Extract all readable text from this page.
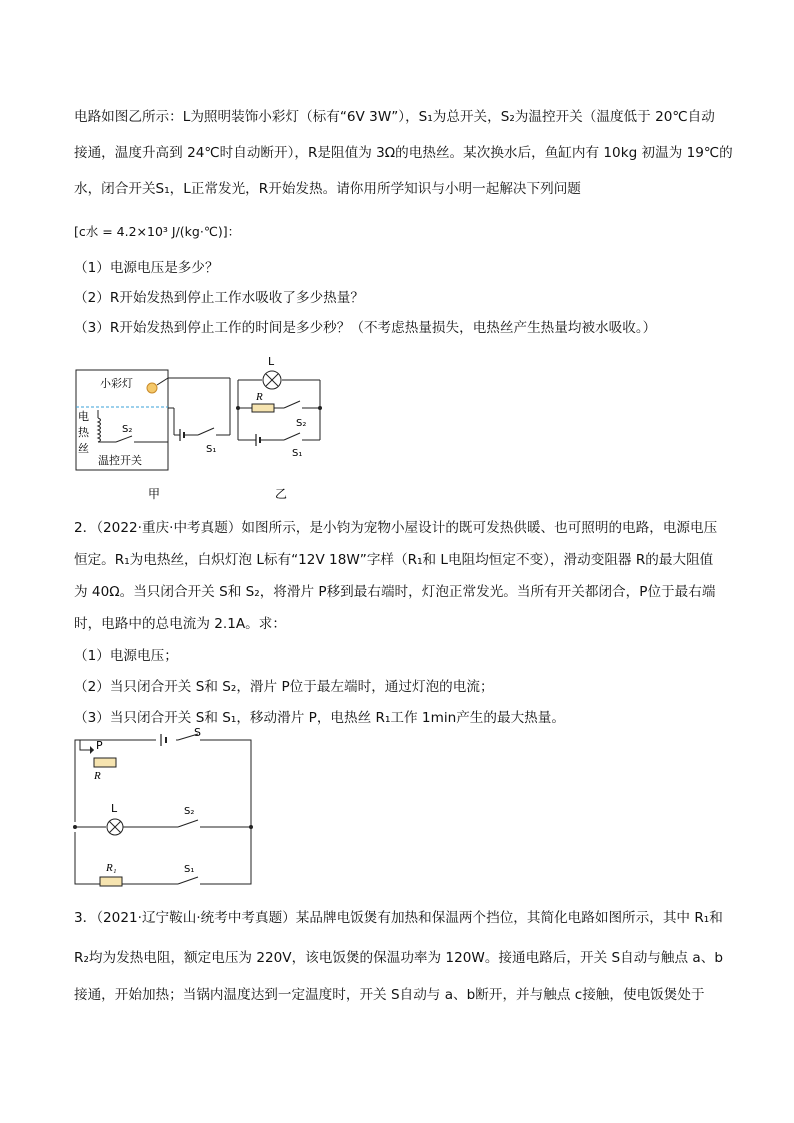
电路如图乙所示：L为照明装饰小彩灯（标有“6V 3W”），S₁为总开关，S₂为温控开关（温度低于 20℃自动
接通，温度升高到 24℃时自动断开），R是阻值为 3Ω的电热丝。某次换水后，鱼缸内有 10kg 初温为 19℃的
水，闭合开关S₁，L正常发光，R开始发热。请你用所学知识与小明一起解决下列问题
[c水 = 4.2×10³ J/(kg·℃)]：
（1）电源电压是多少？
（2）R开始发热到停止工作水吸收了多少热量？
（3）R开始发热到停止工作的时间是多少秒？（不考虑热量损失，电热丝产生热量均被水吸收。）
小彩灯
电
热
丝
S₂
温控开关
S₁
甲
L
R
S₂
S₁
乙
2．（2022·重庆·中考真题）如图所示，是小钧为宠物小屋设计的既可发热供暖、也可照明的电路，电源电压
恒定。R₁为电热丝，白炽灯泡 L标有“12V 18W”字样（R₁和 L电阻均恒定不变），滑动变阻器 R的最大阻值
为 40Ω。当只闭合开关 S和 S₂，将滑片 P移到最右端时，灯泡正常发光。当所有开关都闭合，P位于最右端
时，电路中的总电流为 2.1A。求：
（1）电源电压；
（2）当只闭合开关 S和 S₂，滑片 P位于最左端时，通过灯泡的电流；
（3）当只闭合开关 S和 S₁，移动滑片 P，电热丝 R₁工作 1min产生的最大热量。
P
R
S
L	S₂
R₁	S₁
3．（2021·辽宁鞍山·统考中考真题）某品牌电饭煲有加热和保温两个挡位，其简化电路如图所示，其中 R₁和
R₂均为发热电阻，额定电压为 220V，该电饭煲的保温功率为 120W。接通电路后，开关 S自动与触点 a、b
接通，开始加热；当锅内温度达到一定温度时，开关 S自动与 a、b断开，并与触点 c接触，使电饭煲处于
